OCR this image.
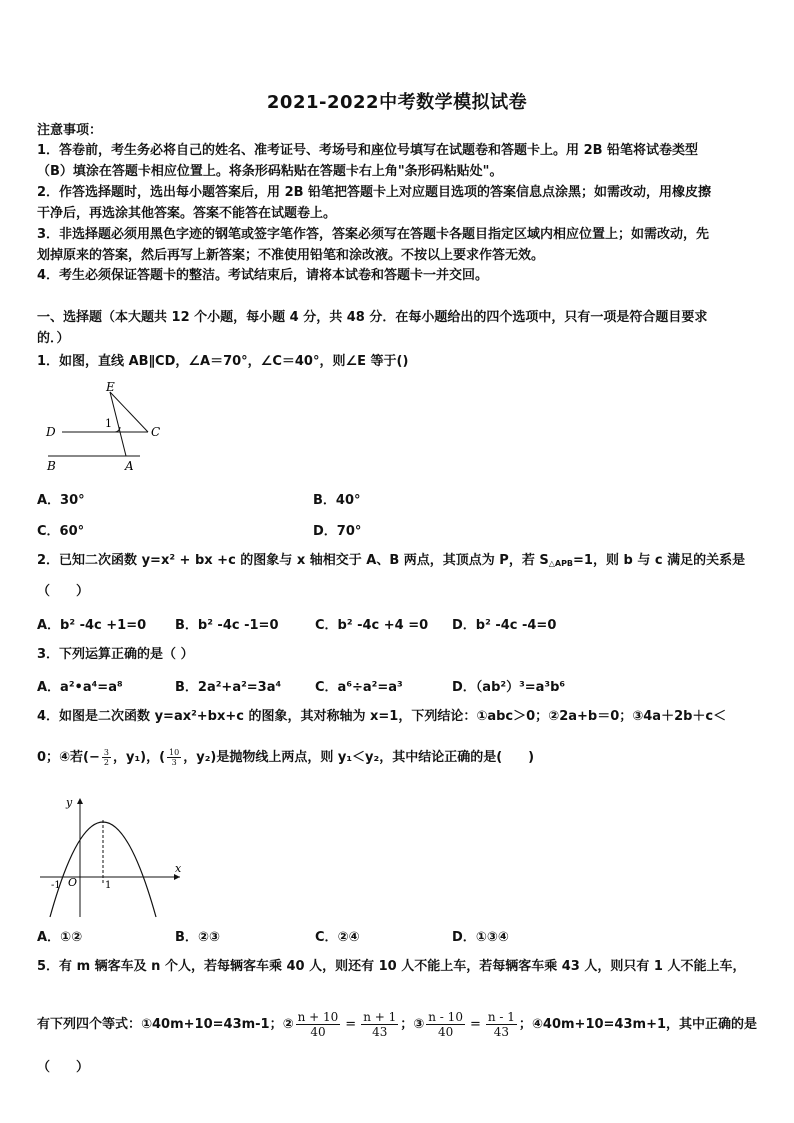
2021-2022中考数学模拟试卷
注意事项：
1．答卷前，考生务必将自己的姓名、准考证号、考场号和座位号填写在试题卷和答题卡上。用 2B 铅笔将试卷类型
（B）填涂在答题卡相应位置上。将条形码粘贴在答题卡右上角"条形码粘贴处"。
2．作答选择题时，选出每小题答案后，用 2B 铅笔把答题卡上对应题目选项的答案信息点涂黑；如需改动，用橡皮擦
干净后，再选涂其他答案。答案不能答在试题卷上。
3．非选择题必须用黑色字迹的钢笔或签字笔作答，答案必须写在答题卡各题目指定区域内相应位置上；如需改动，先
划掉原来的答案，然后再写上新答案；不准使用铅笔和涂改液。不按以上要求作答无效。
4．考生必须保证答题卡的整洁。考试结束后，请将本试卷和答题卡一并交回。
一、选择题（本大题共 12 个小题，每小题 4 分，共 48 分．在每小题给出的四个选项中，只有一项是符合题目要求
的．）
1．如图，直线 AB∥CD，∠A＝70°，∠C＝40°，则∠E 等于()
E
D	C
B	A
1
A．30°	B．40°
C．60°	D．70°
2．已知二次函数 y=x² + bx +c 的图象与 x 轴相交于 A、B 两点，其顶点为 P，若 S△APB=1，则 b 与 c 满足的关系是
（　　）
A．b² -4c +1=0 B．b² -4c -1=0	C．b² -4c +4 =0 D．b² -4c -4=0
3．下列运算正确的是（ ）
A．a²•a⁴=a⁸	B．2a²+a²=3a⁴	C．a⁶÷a²=a³	D．（ab²）³=a³b⁶
4．如图是二次函数 y=ax²+bx+c 的图象，其对称轴为 x=1，下列结论：①abc＞0；②2a+b＝0；③4a＋2b＋c＜
0；④若(− $\frac{3}{2}$ ，y₁)，( $\frac{10}{3}$ ，y₂)是抛物线上两点，则 y₁＜y₂，其中结论正确的是(　　)
y
x
O
-1	1
A．①②	B．②③	C．②④	D．①③④
5．有 m 辆客车及 n 个人，若每辆客车乘 40 人，则还有 10 人不能上车，若每辆客车乘 43 人，则只有 1 人不能上车，
有下列四个等式：①40m+10=43m-1；② $\frac{n + 10}{40} = \frac{n + 1}{43}$ ；③ $\frac{n - 10}{40} = \frac{n - 1}{43}$ ；④40m+10=43m+1，其中正确的是
（　　）
